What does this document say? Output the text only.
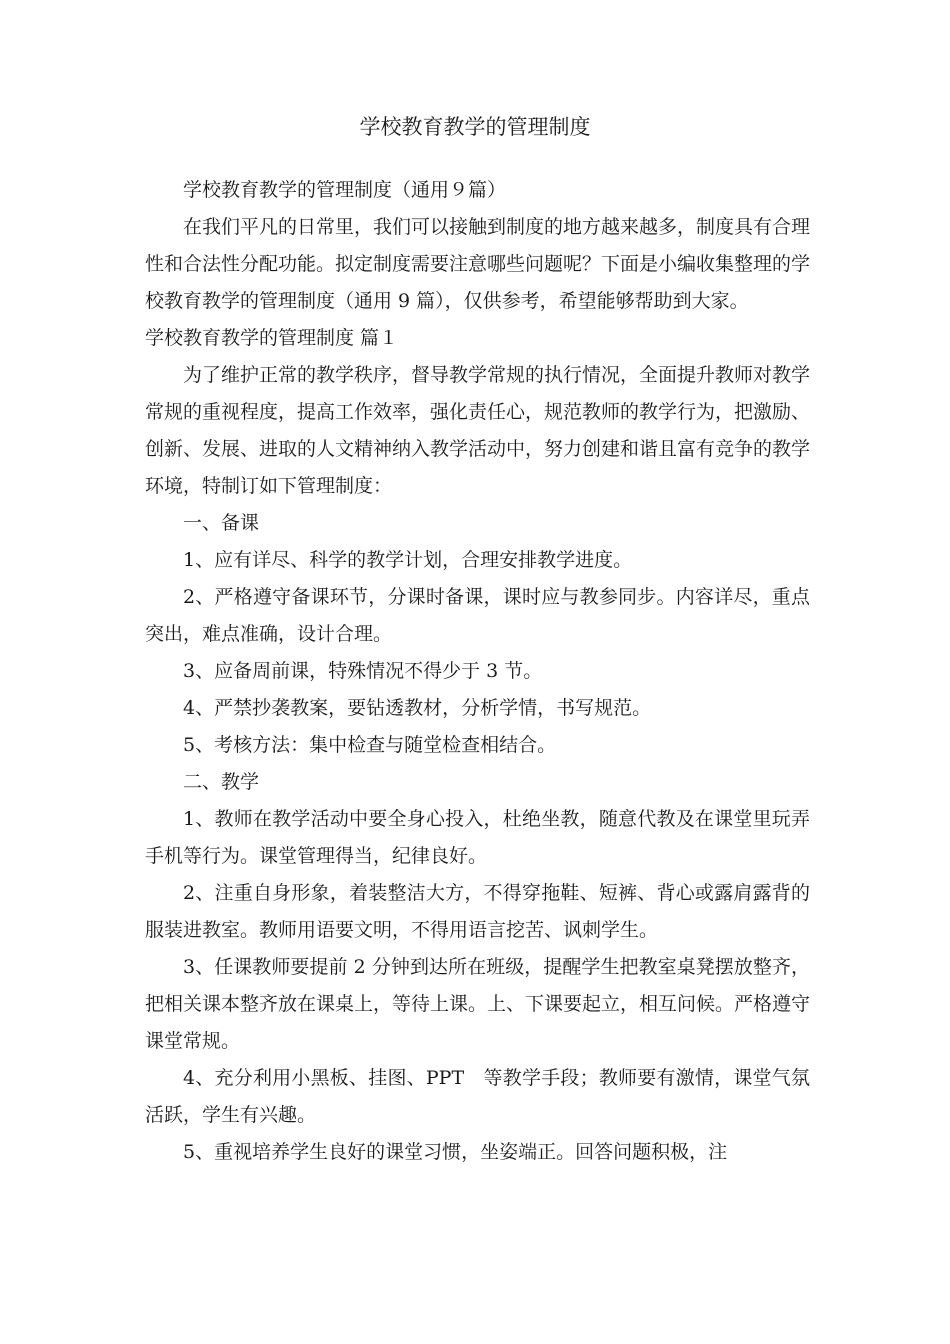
学校教育教学的管理制度

学校教育教学的管理制度（通用９篇）

在我们平凡的日常里，我们可以接触到制度的地方越来越多，制度具有合理性和合法性分配功能。拟定制度需要注意哪些问题呢？下面是小编收集整理的学校教育教学的管理制度（通用 9 篇），仅供参考，希望能够帮助到大家。

学校教育教学的管理制度 篇１

为了维护正常的教学秩序，督导教学常规的执行情况，全面提升教师对教学常规的重视程度，提高工作效率，强化责任心，规范教师的教学行为，把激励、创新、发展、进取的人文精神纳入教学活动中，努力创建和谐且富有竞争的教学环境，特制订如下管理制度：

一、备课

1、应有详尽、科学的教学计划，合理安排教学进度。

2、严格遵守备课环节，分课时备课，课时应与教参同步。内容详尽，重点突出，难点准确，设计合理。

3、应备周前课，特殊情况不得少于 3 节。

4、严禁抄袭教案，要钻透教材，分析学情，书写规范。

5、考核方法：集中检查与随堂检查相结合。

二、教学

1、教师在教学活动中要全身心投入，杜绝坐教，随意代教及在课堂里玩弄手机等行为。课堂管理得当，纪律良好。

2、注重自身形象，着装整洁大方，不得穿拖鞋、短裤、背心或露肩露背的服装进教室。教师用语要文明，不得用语言挖苦、讽刺学生。

3、任课教师要提前 2 分钟到达所在班级，提醒学生把教室桌凳摆放整齐，把相关课本整齐放在课桌上，等待上课。上、下课要起立，相互问候。严格遵守课堂常规。

4、充分利用小黑板、挂图、PPT　等教学手段；教师要有激情，课堂气氛活跃，学生有兴趣。

5、重视培养学生良好的课堂习惯，坐姿端正。回答问题积极，注
